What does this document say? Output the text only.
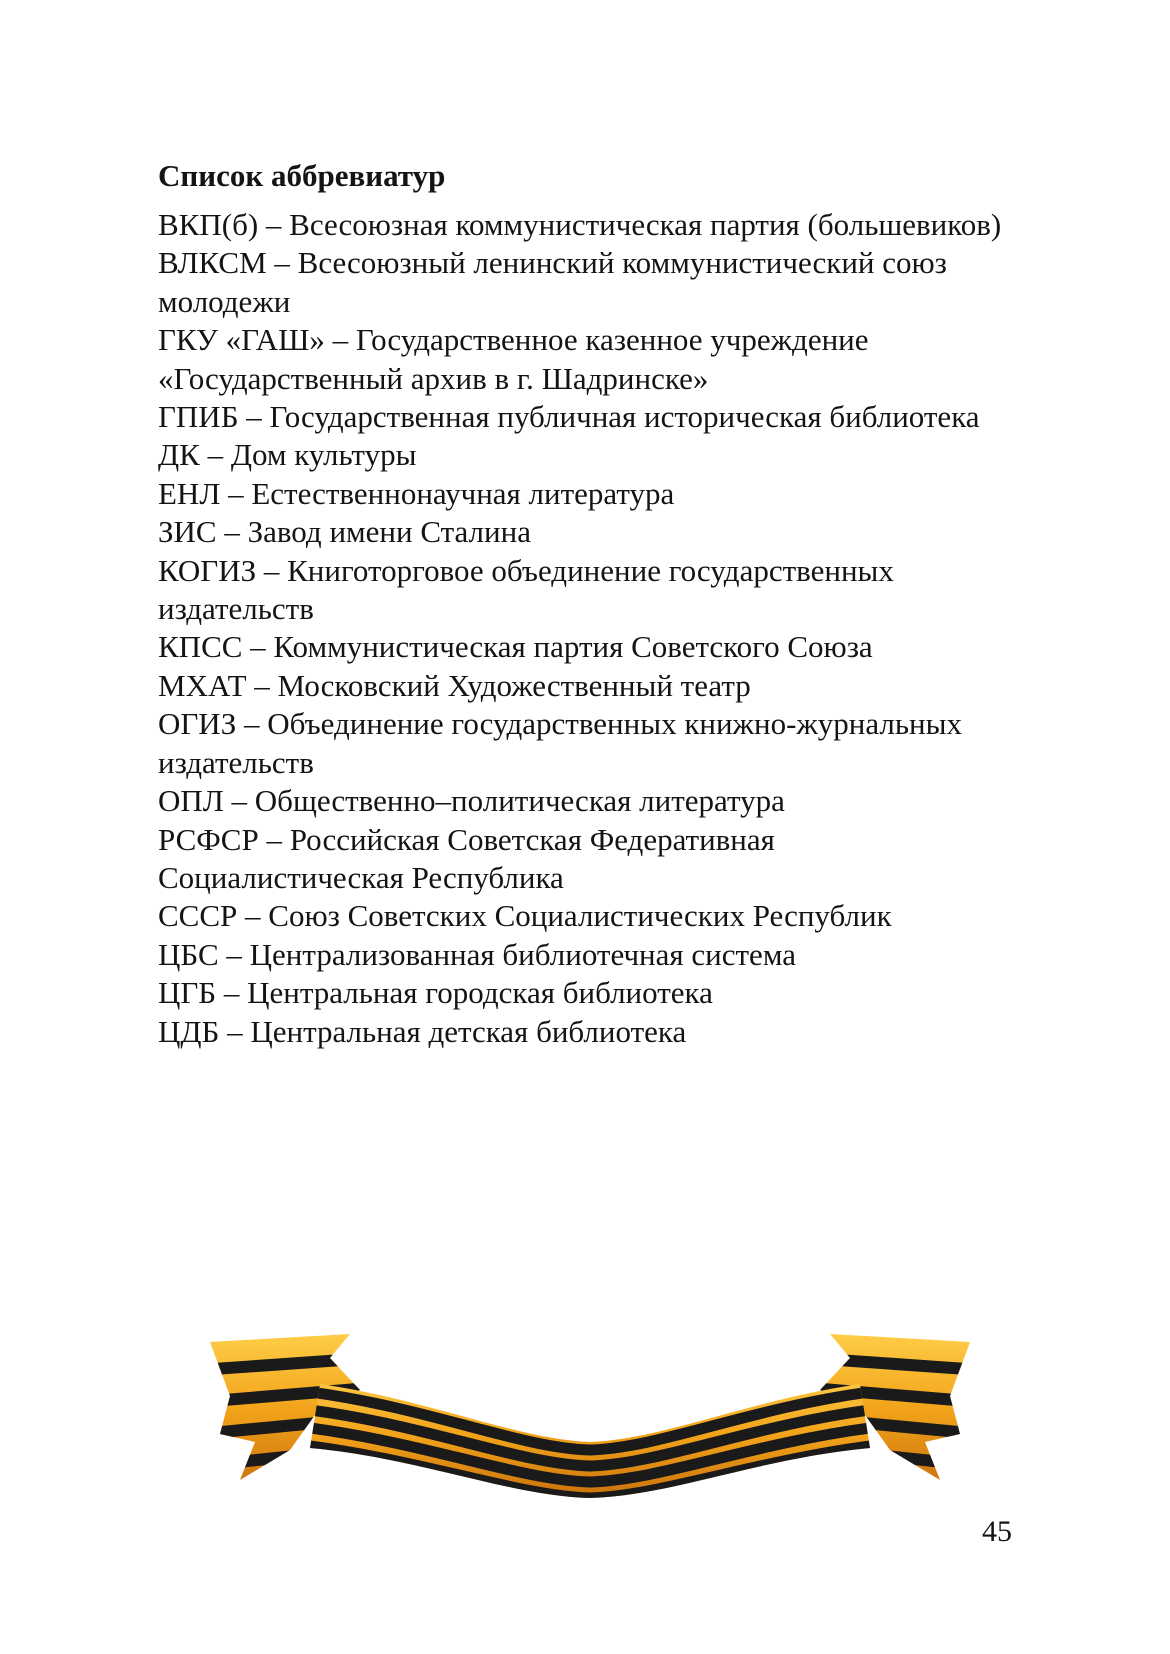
Список аббревиатур
ВКП(б) – Всесоюзная коммунистическая партия (большевиков)
ВЛКСМ – Всесоюзный ленинский коммунистический союз молодежи
ГКУ «ГАШ» – Государственное казенное учреждение «Государственный архив в г. Шадринске»
ГПИБ – Государственная публичная историческая библиотека
ДК – Дом культуры
ЕНЛ – Естественнонаучная литература
ЗИС – Завод имени Сталина
КОГИЗ – Книготорговое объединение государственных издательств
КПСС – Коммунистическая партия Советского Союза
МХАТ – Московский Художественный театр
ОГИЗ – Объединение государственных книжно-журнальных издательств
ОПЛ – Общественно–политическая литература
РСФСР – Российская Советская Федеративная Социалистическая Республика
СССР – Союз Советских Социалистических Республик
ЦБС – Централизованная библиотечная система
ЦГБ – Центральная городская библиотека
ЦДБ – Центральная детская библиотека
45
